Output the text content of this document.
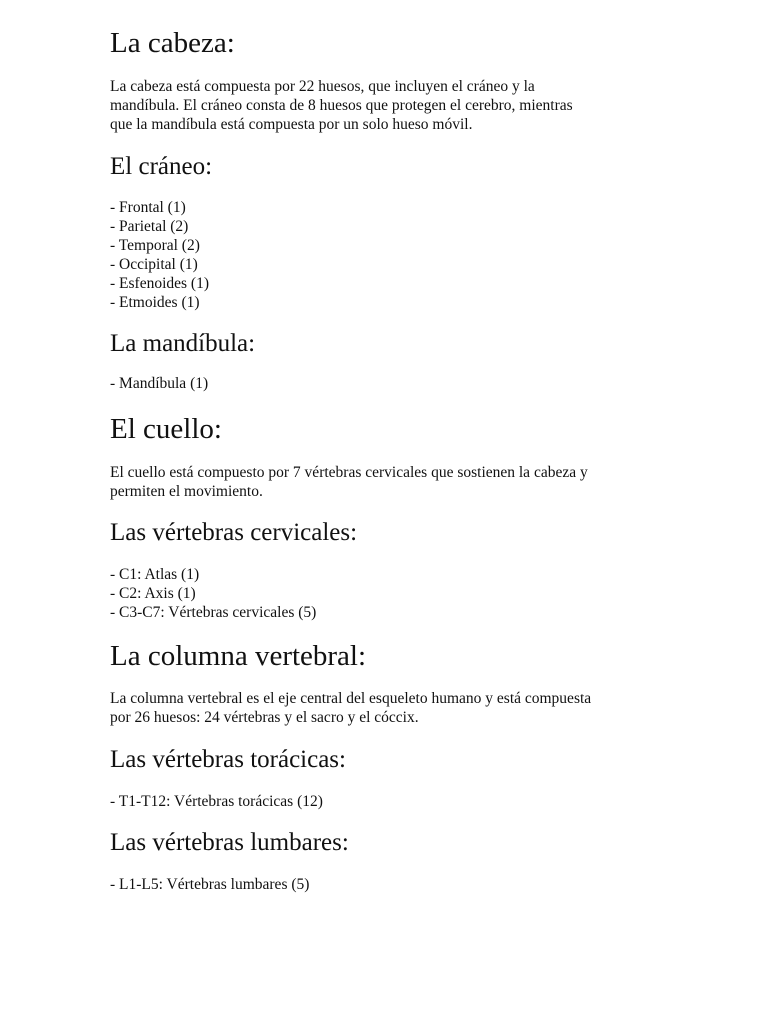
La cabeza:
La cabeza está compuesta por 22 huesos, que incluyen el cráneo y la
mandíbula. El cráneo consta de 8 huesos que protegen el cerebro, mientras
que la mandíbula está compuesta por un solo hueso móvil.
El cráneo:
- Frontal (1)
- Parietal (2)
- Temporal (2)
- Occipital (1)
- Esfenoides (1)
- Etmoides (1)
La mandíbula:
- Mandíbula (1)
El cuello:
El cuello está compuesto por 7 vértebras cervicales que sostienen la cabeza y
permiten el movimiento.
Las vértebras cervicales:
- C1: Atlas (1)
- C2: Axis (1)
- C3-C7: Vértebras cervicales (5)
La columna vertebral:
La columna vertebral es el eje central del esqueleto humano y está compuesta
por 26 huesos: 24 vértebras y el sacro y el cóccix.
Las vértebras torácicas:
- T1-T12: Vértebras torácicas (12)
Las vértebras lumbares:
- L1-L5: Vértebras lumbares (5)
